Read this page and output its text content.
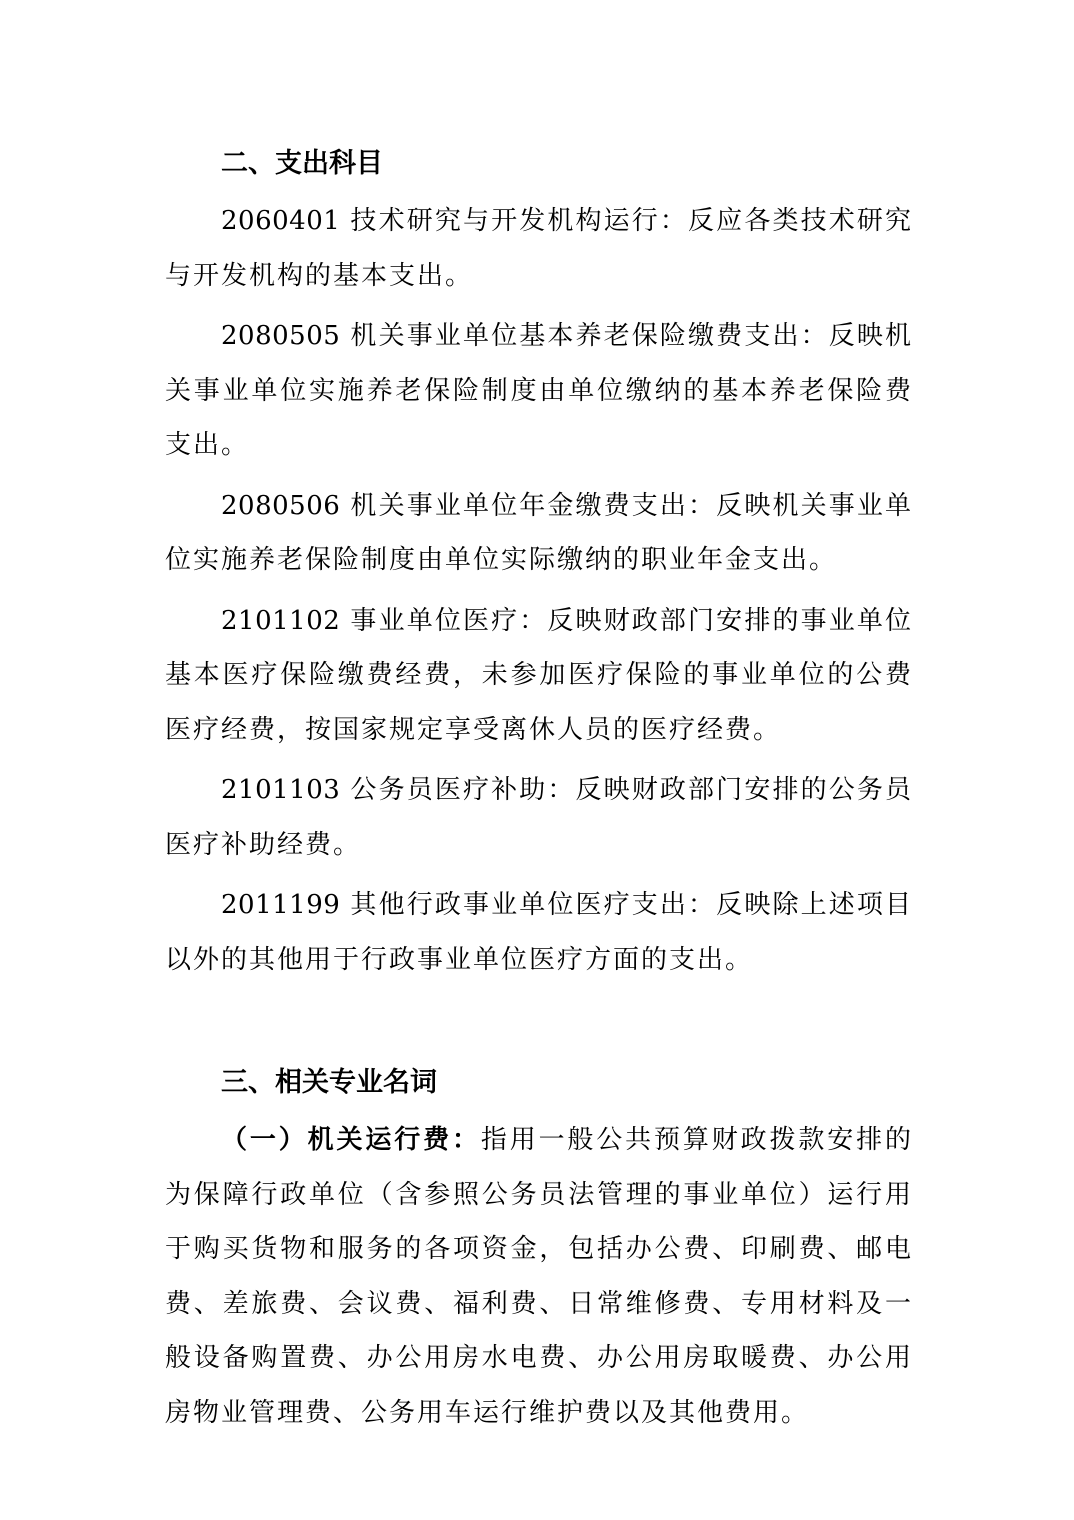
二、支出科目

2060401 技术研究与开发机构运行：反应各类技术研究与开发机构的基本支出。

2080505 机关事业单位基本养老保险缴费支出：反映机关事业单位实施养老保险制度由单位缴纳的基本养老保险费支出。

2080506 机关事业单位年金缴费支出：反映机关事业单位实施养老保险制度由单位实际缴纳的职业年金支出。

2101102 事业单位医疗：反映财政部门安排的事业单位基本医疗保险缴费经费，未参加医疗保险的事业单位的公费医疗经费，按国家规定享受离休人员的医疗经费。

2101103 公务员医疗补助：反映财政部门安排的公务员医疗补助经费。

2011199 其他行政事业单位医疗支出：反映除上述项目以外的其他用于行政事业单位医疗方面的支出。

三、相关专业名词

（一）机关运行费：指用一般公共预算财政拨款安排的为保障行政单位（含参照公务员法管理的事业单位）运行用于购买货物和服务的各项资金，包括办公费、印刷费、邮电费、差旅费、会议费、福利费、日常维修费、专用材料及一般设备购置费、办公用房水电费、办公用房取暖费、办公用房物业管理费、公务用车运行维护费以及其他费用。
